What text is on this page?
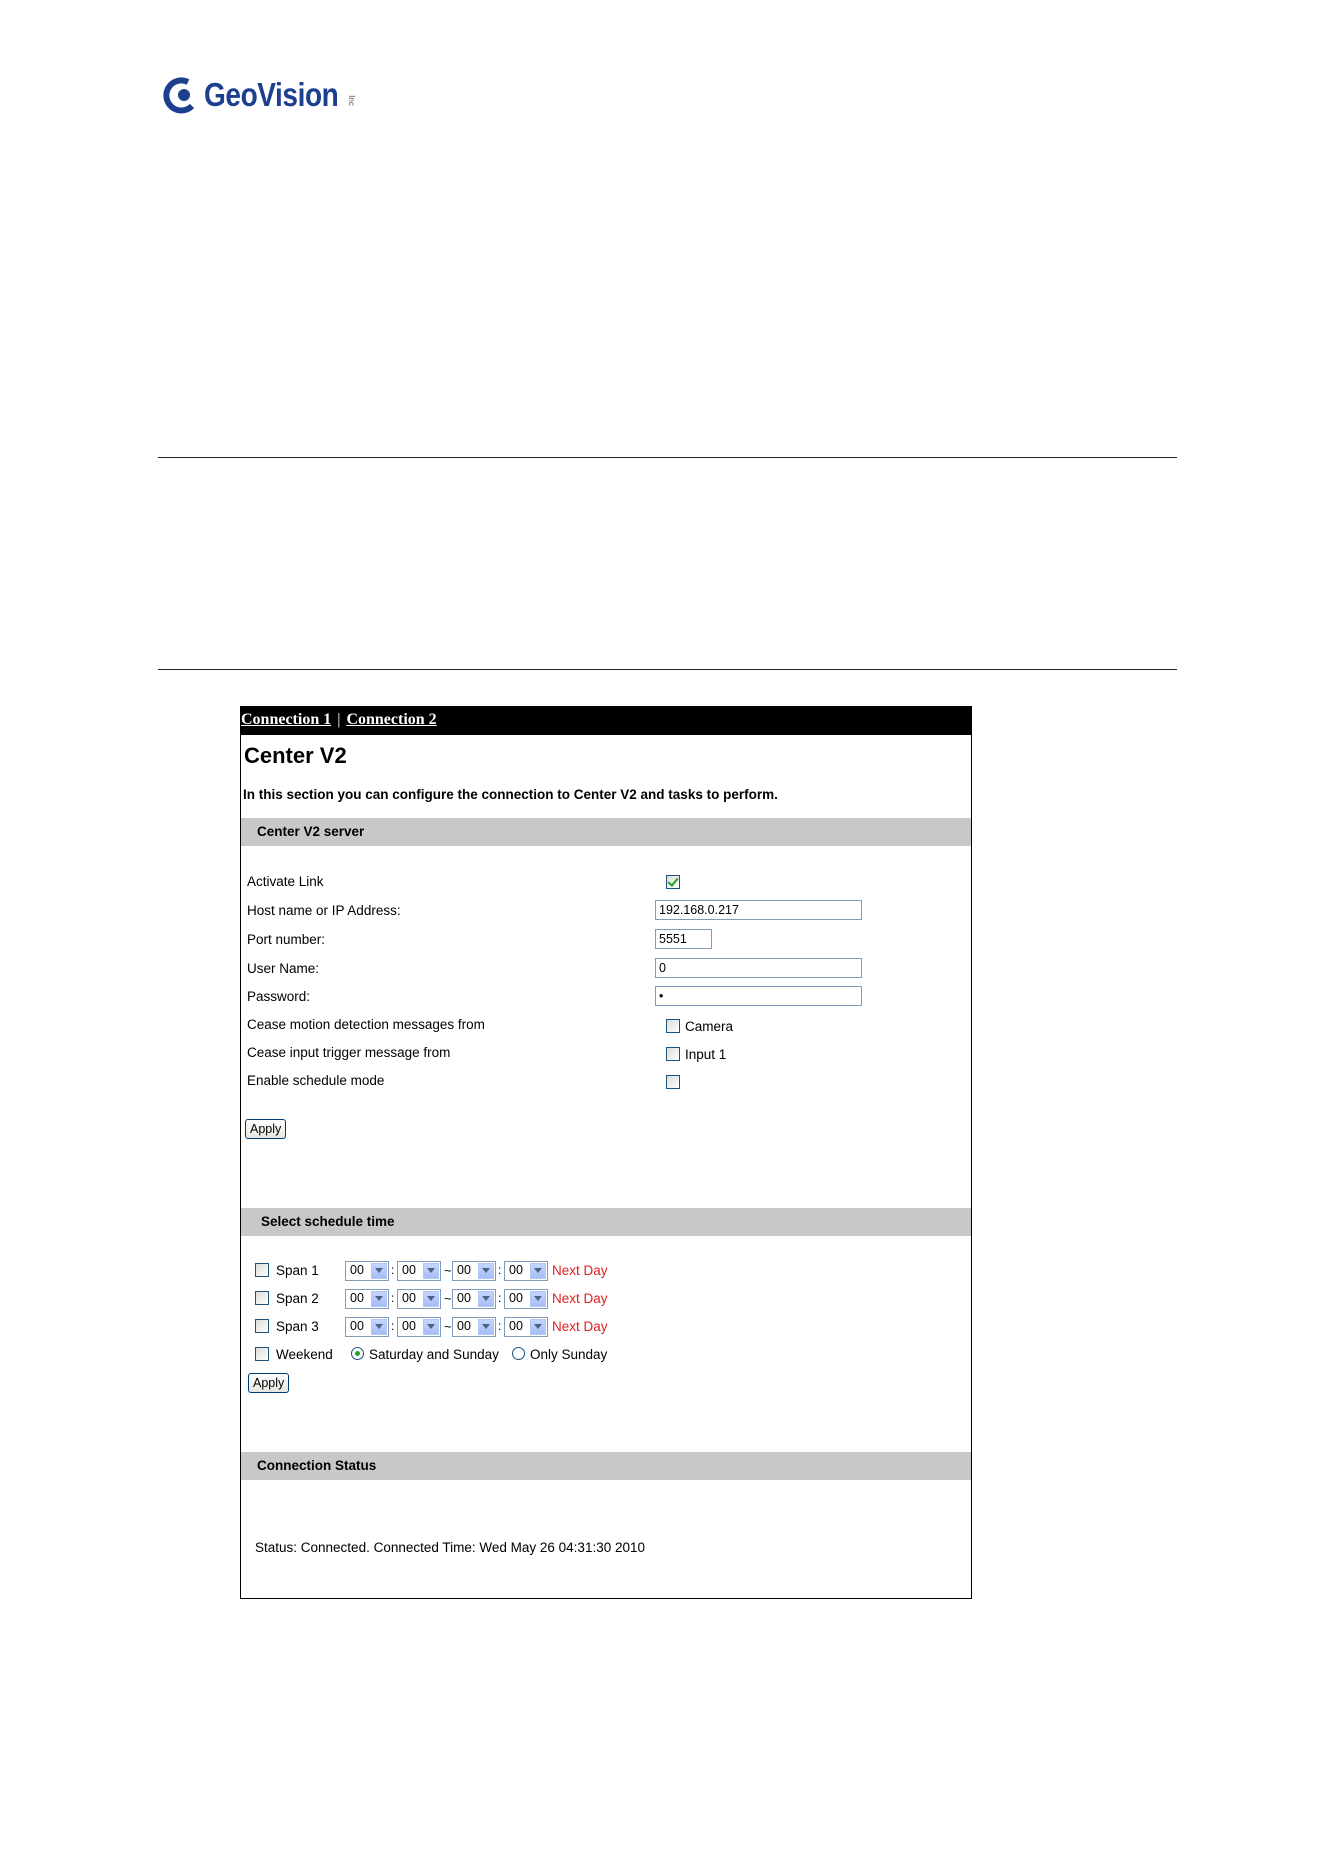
GeoVision Inc
Connection 1 | Connection 2
Center V2
In this section you can configure the connection to Center V2 and tasks to perform.
Center V2 server
Activate Link
Host name or IP Address:	192.168.0.217
Port number:	5551
User Name:	0
Password:	•
Cease motion detection messages from	Camera
Cease input trigger message from	Input 1
Enable schedule mode
Apply
Select schedule time
Span 1 00 : 00 ~ 00 : 00 Next Day
Span 2 00 : 00 ~ 00 : 00 Next Day
Span 3 00 : 00 ~ 00 : 00 Next Day
Weekend	Saturday and Sunday Only Sunday
Apply
Connection Status
Status: Connected. Connected Time: Wed May 26 04:31:30 2010
